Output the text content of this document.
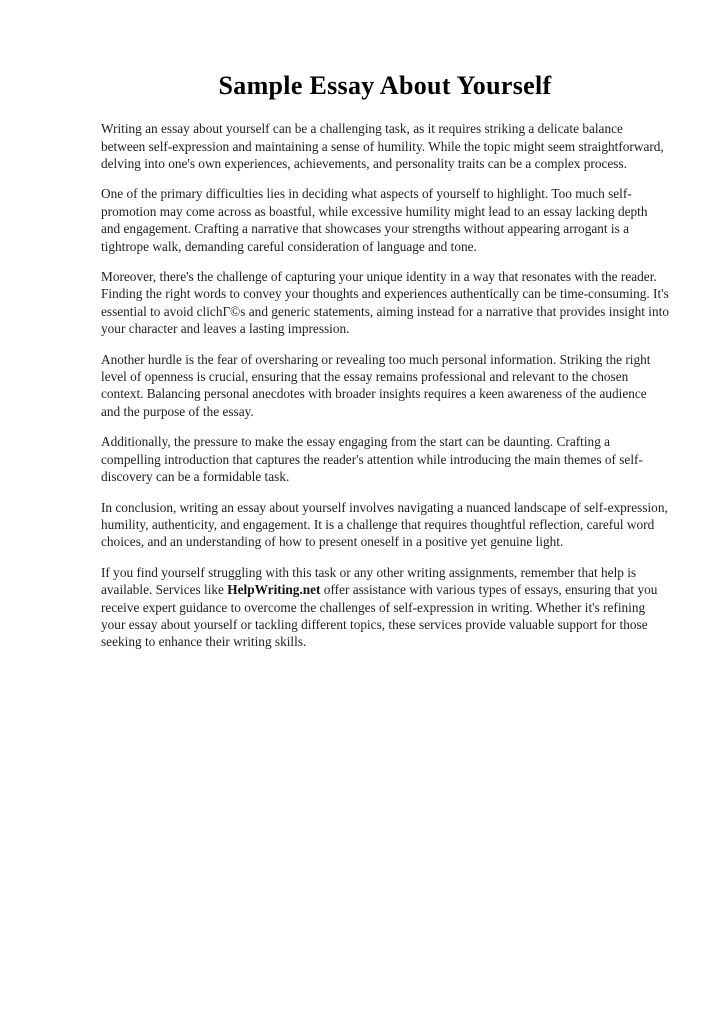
Sample Essay About Yourself

Writing an essay about yourself can be a challenging task, as it requires striking a delicate balance between self-expression and maintaining a sense of humility. While the topic might seem straightforward, delving into one's own experiences, achievements, and personality traits can be a complex process.

One of the primary difficulties lies in deciding what aspects of yourself to highlight. Too much self-promotion may come across as boastful, while excessive humility might lead to an essay lacking depth and engagement. Crafting a narrative that showcases your strengths without appearing arrogant is a tightrope walk, demanding careful consideration of language and tone.

Moreover, there's the challenge of capturing your unique identity in a way that resonates with the reader. Finding the right words to convey your thoughts and experiences authentically can be time-consuming. It's essential to avoid clichΓ©s and generic statements, aiming instead for a narrative that provides insight into your character and leaves a lasting impression.

Another hurdle is the fear of oversharing or revealing too much personal information. Striking the right level of openness is crucial, ensuring that the essay remains professional and relevant to the chosen context. Balancing personal anecdotes with broader insights requires a keen awareness of the audience and the purpose of the essay.

Additionally, the pressure to make the essay engaging from the start can be daunting. Crafting a compelling introduction that captures the reader's attention while introducing the main themes of self-discovery can be a formidable task.

In conclusion, writing an essay about yourself involves navigating a nuanced landscape of self-expression, humility, authenticity, and engagement. It is a challenge that requires thoughtful reflection, careful word choices, and an understanding of how to present oneself in a positive yet genuine light.

If you find yourself struggling with this task or any other writing assignments, remember that help is available. Services like HelpWriting.net offer assistance with various types of essays, ensuring that you receive expert guidance to overcome the challenges of self-expression in writing. Whether it's refining your essay about yourself or tackling different topics, these services provide valuable support for those seeking to enhance their writing skills.
